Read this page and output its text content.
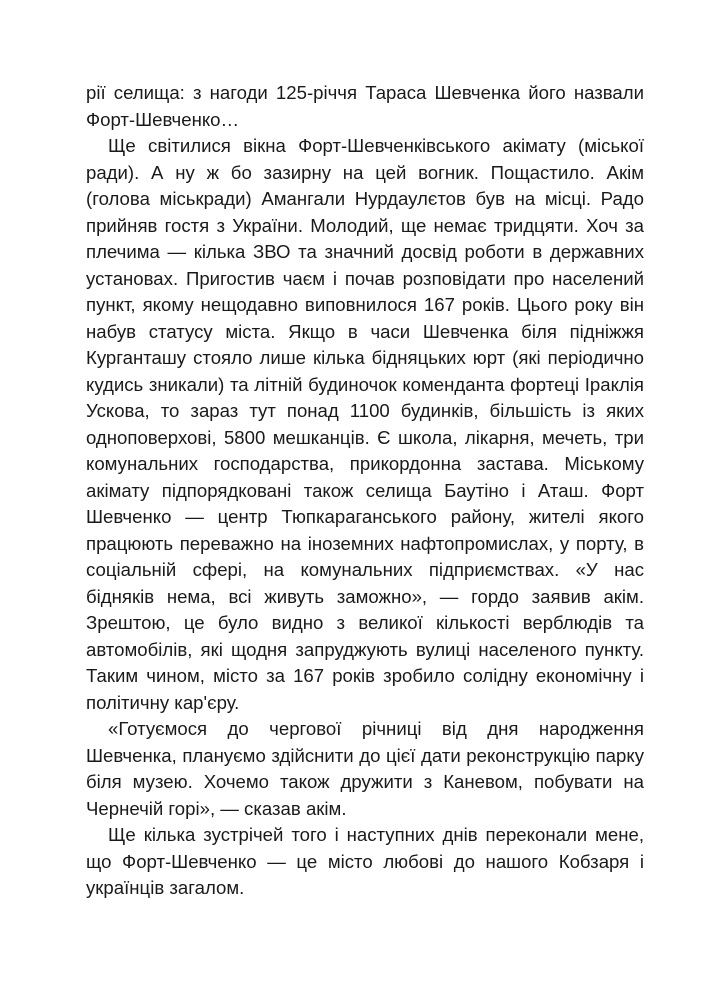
рії селища: з нагоди 125-річчя Тараса Шевченка його назвали Форт-Шевченко…

Ще світилися вікна Форт-Шевченківського акімату (міської ради). А ну ж бо зазирну на цей вогник. Пощастило. Акім (голова міськради) Амангали Нурдаулєтов був на місці. Радо прийняв гостя з України. Молодий, ще немає тридцяти. Хоч за плечима — кілька ЗВО та значний досвід роботи в державних установах. Пригостив чаєм і почав розповідати про населений пункт, якому нещодавно виповнилося 167 років. Цього року він набув статусу міста. Якщо в часи Шевченка біля підніжжя Курганташу стояло лише кілька бідняцьких юрт (які періодично кудись зникали) та літній будиночок коменданта фортеці Іраклія Ускова, то зараз тут понад 1100 будинків, більшість із яких одноповерхові, 5800 мешканців. Є школа, лікарня, мечеть, три комунальних господарства, прикордонна застава. Міському акімату підпорядковані також селища Баутіно і Аташ. Форт Шевченко — центр Тюпкараганського району, жителі якого працюють переважно на іноземних нафтопромислах, у порту, в соціальній сфері, на комунальних підприємствах. «У нас бідняків нема, всі живуть заможно», — гордо заявив акім. Зрештою, це було видно з великої кількості верблюдів та автомобілів, які щодня запруджують вулиці населеного пункту. Таким чином, місто за 167 років зробило солідну економічну і політичну кар'єру.

«Готуємося до чергової річниці від дня народження Шевченка, плануємо здійснити до цієї дати реконструкцію парку біля музею. Хочемо також дружити з Каневом, побувати на Чернечій горі», — сказав акім.

Ще кілька зустрічей того і наступних днів переконали мене, що Форт-Шевченко — це місто любові до нашого Кобзаря і українців загалом.
